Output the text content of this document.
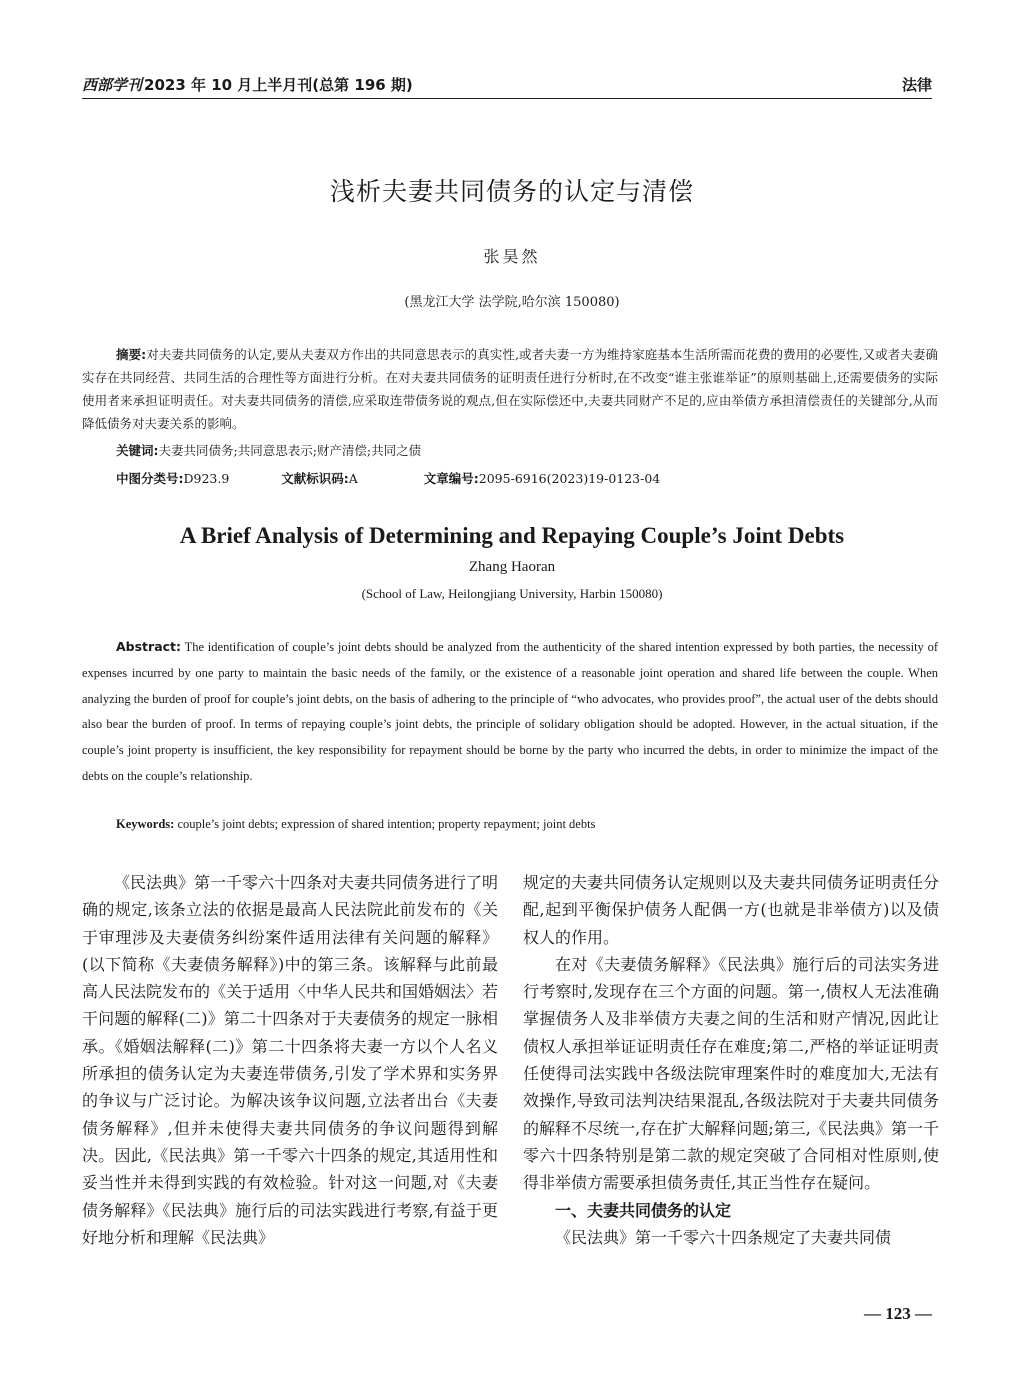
西部学刊 2023 年 10 月上半月刊(总第 196 期)	法律
浅析夫妻共同债务的认定与清偿
张昊然
(黑龙江大学 法学院,哈尔滨 150080)
摘要:对夫妻共同债务的认定,要从夫妻双方作出的共同意思表示的真实性,或者夫妻一方为维持家庭基本生活所需而花费的费用的必要性,又或者夫妻确实存在共同经营、共同生活的合理性等方面进行分析。在对夫妻共同债务的证明责任进行分析时,在不改变“谁主张谁举证”的原则基础上,还需要债务的实际使用者来承担证明责任。对夫妻共同债务的清偿,应采取连带债务说的观点,但在实际偿还中,夫妻共同财产不足的,应由举债方承担清偿责任的关键部分,从而降低债务对夫妻关系的影响。
关键词:夫妻共同债务;共同意思表示;财产清偿;共同之债
中图分类号:D923.9	文献标识码:A	文章编号:2095-6916(2023)19-0123-04
A Brief Analysis of Determining and Repaying Couple’s Joint Debts
Zhang Haoran
(School of Law, Heilongjiang University, Harbin 150080)
Abstract: The identification of couple’s joint debts should be analyzed from the authenticity of the shared intention expressed by both parties, the necessity of expenses incurred by one party to maintain the basic needs of the family, or the existence of a reasonable joint operation and shared life between the couple. When analyzing the burden of proof for couple’s joint debts, on the basis of adhering to the principle of “who advocates, who provides proof”, the actual user of the debts should also bear the burden of proof. In terms of repaying couple’s joint debts, the principle of solidary obligation should be adopted. However, in the actual situation, if the couple’s joint property is insufficient, the key responsibility for repayment should be borne by the party who incurred the debts, in order to minimize the impact of the debts on the couple’s relationship.
Keywords: couple’s joint debts; expression of shared intention; property repayment; joint debts

《民法典》第一千零六十四条对夫妻共同债务进行了明确的规定,该条立法的依据是最高人民法院此前发布的《关于审理涉及夫妻债务纠纷案件适用法律有关问题的解释》(以下简称《夫妻债务解释》)中的第三条。该解释与此前最高人民法院发布的《关于适用〈中华人民共和国婚姻法〉若干问题的解释(二)》第二十四条对于夫妻债务的规定一脉相承。《婚姻法解释(二)》第二十四条将夫妻一方以个人名义所承担的债务认定为夫妻连带债务,引发了学术界和实务界的争议与广泛讨论。为解决该争议问题,立法者出台《夫妻债务解释》,但并未使得夫妻共同债务的争议问题得到解决。因此,《民法典》第一千零六十四条的规定,其适用性和妥当性并未得到实践的有效检验。针对这一问题,对《夫妻债务解释》《民法典》施行后的司法实践进行考察,有益于更好地分析和理解《民法典》

规定的夫妻共同债务认定规则以及夫妻共同债务证明责任分配,起到平衡保护债务人配偶一方(也就是非举债方)以及债权人的作用。

在对《夫妻债务解释》《民法典》施行后的司法实务进行考察时,发现存在三个方面的问题。第一,债权人无法准确掌握债务人及非举债方夫妻之间的生活和财产情况,因此让债权人承担举证证明责任存在难度;第二,严格的举证证明责任使得司法实践中各级法院审理案件时的难度加大,无法有效操作,导致司法判决结果混乱,各级法院对于夫妻共同债务的解释不尽统一,存在扩大解释问题;第三,《民法典》第一千零六十四条特别是第二款的规定突破了合同相对性原则,使得非举债方需要承担债务责任,其正当性存在疑问。

一、夫妻共同债务的认定

《民法典》第一千零六十四条规定了夫妻共同债

— 123 —
